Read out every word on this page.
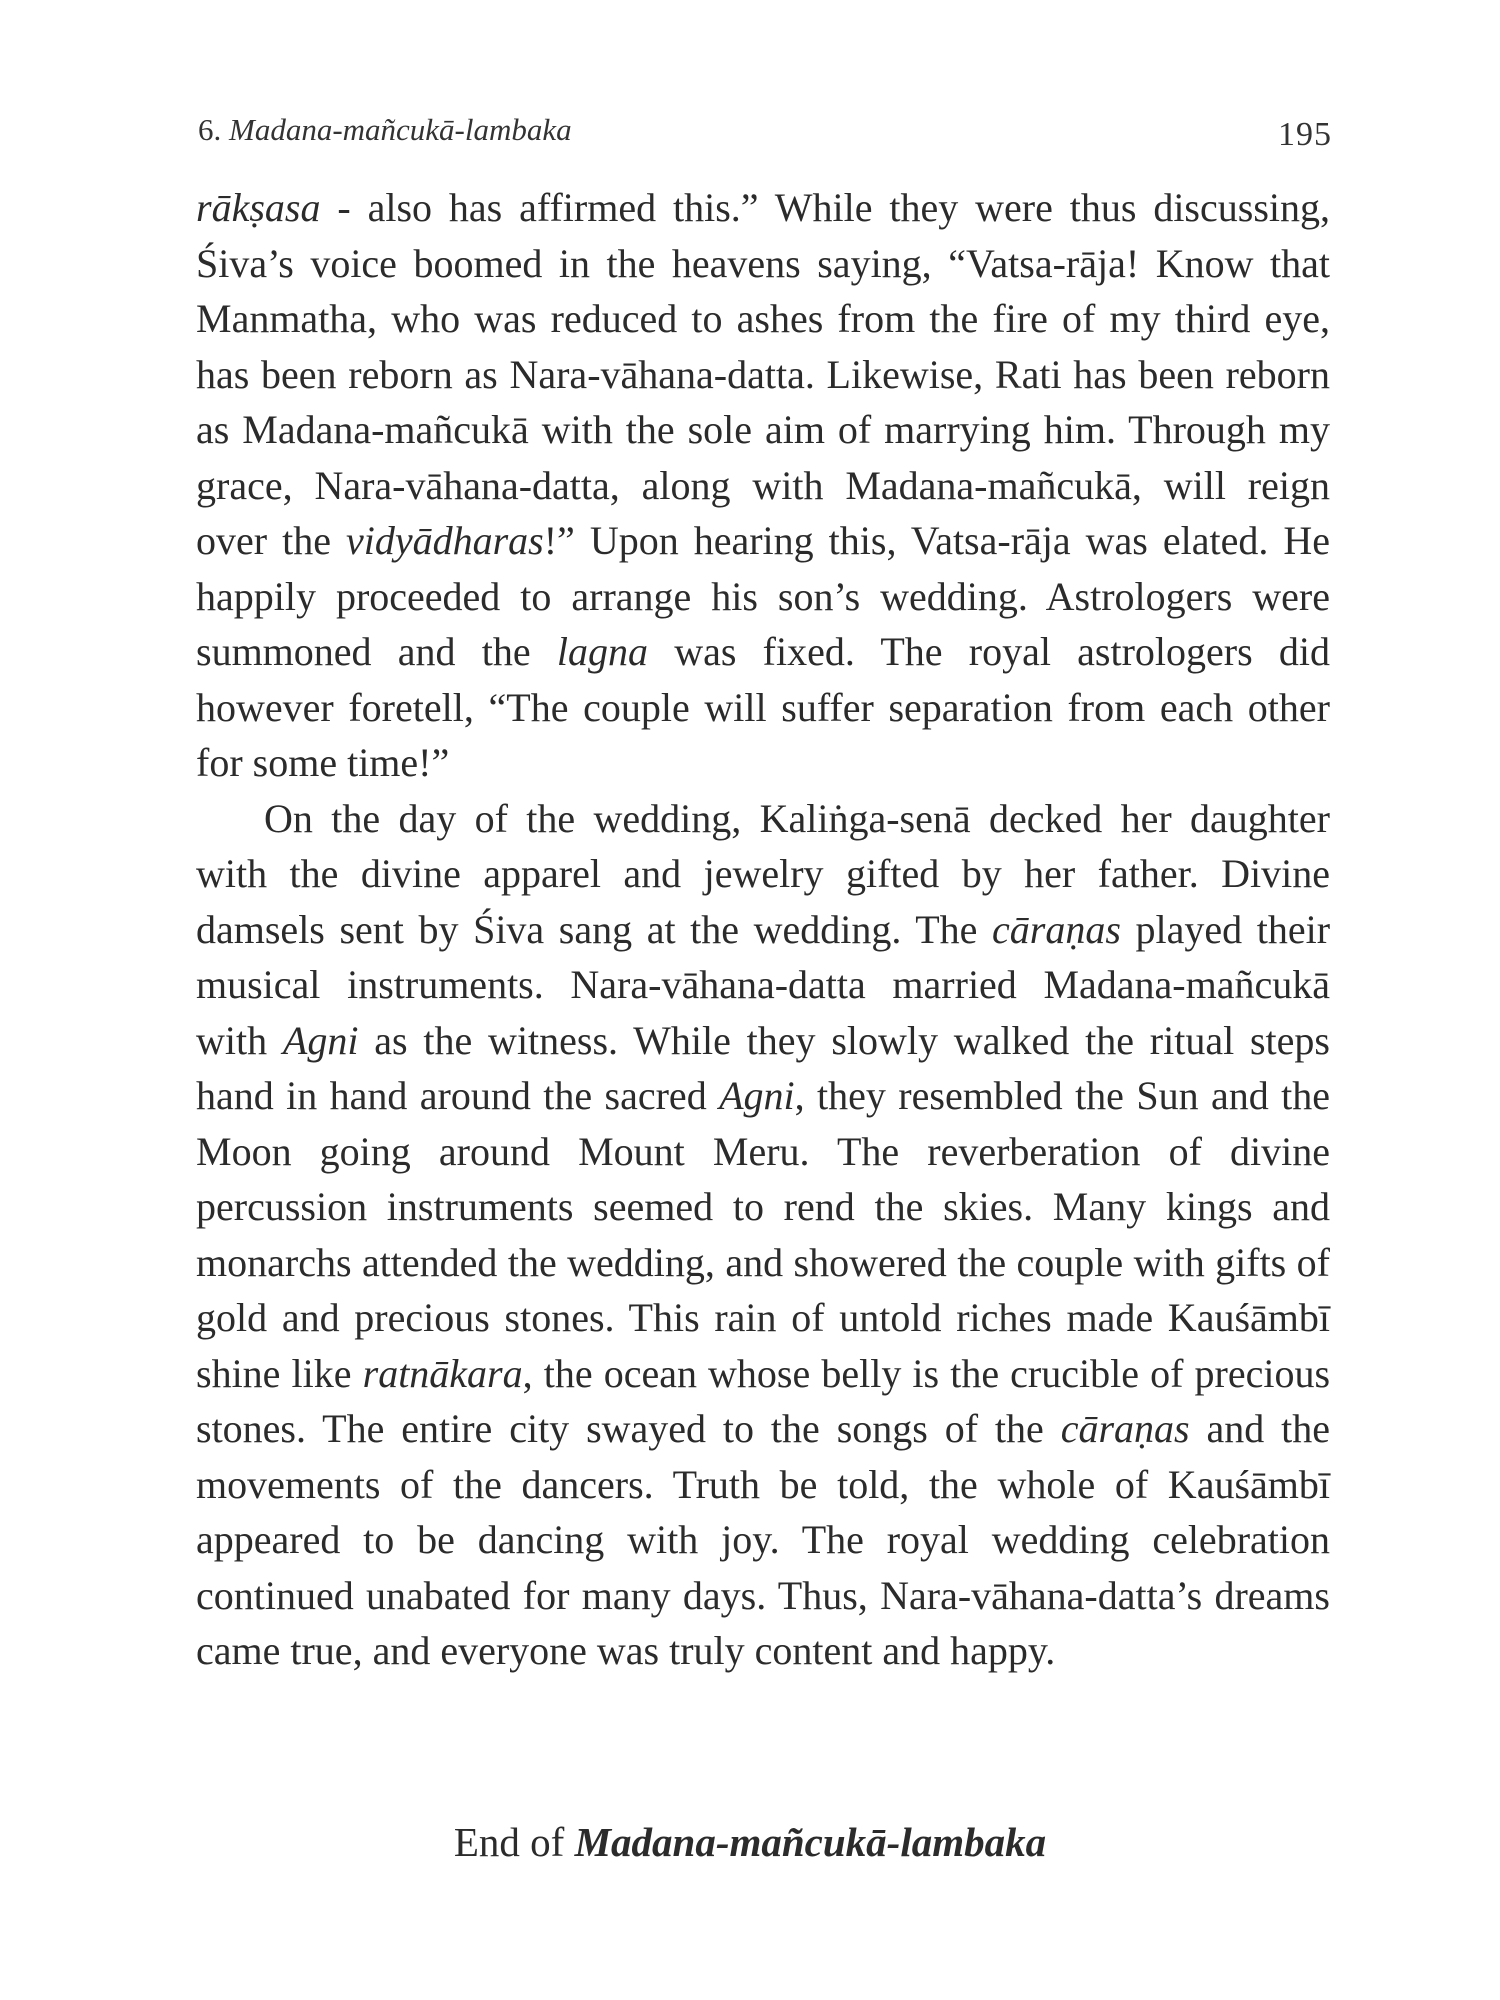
6. Madana-mañcukā-lambaka	195

rākṣasa - also has affirmed this.” While they were thus discussing, Śiva’s voice boomed in the heavens saying, “Vatsa-rāja! Know that Manmatha, who was reduced to ashes from the fire of my third eye, has been reborn as Nara-vāhana-datta. Likewise, Rati has been reborn as Madana-mañcukā with the sole aim of marrying him. Through my grace, Nara-vāhana-datta, along with Madana-mañcukā, will reign over the vidyādharas!” Upon hearing this, Vatsa-rāja was elated. He happily proceeded to arrange his son’s wedding. Astrologers were summoned and the lagna was fixed. The royal astrologers did however foretell, “The couple will suffer separation from each other for some time!”

On the day of the wedding, Kaliṅga-senā decked her daughter with the divine apparel and jewelry gifted by her father. Divine damsels sent by Śiva sang at the wedding. The cāraṇas played their musical instruments. Nara-vāhana-datta married Madana-mañcukā with Agni as the witness. While they slowly walked the ritual steps hand in hand around the sacred Agni, they resembled the Sun and the Moon going around Mount Meru. The reverberation of divine percussion instruments seemed to rend the skies. Many kings and monarchs attended the wedding, and showered the couple with gifts of gold and precious stones. This rain of untold riches made Kauśāmbī shine like ratnākara, the ocean whose belly is the crucible of precious stones. The entire city swayed to the songs of the cāraṇas and the movements of the dancers. Truth be told, the whole of Kauśāmbī appeared to be dancing with joy. The royal wedding celebration continued unabated for many days. Thus, Nara-vāhana-datta’s dreams came true, and everyone was truly content and happy.

End of Madana-mañcukā-lambaka
